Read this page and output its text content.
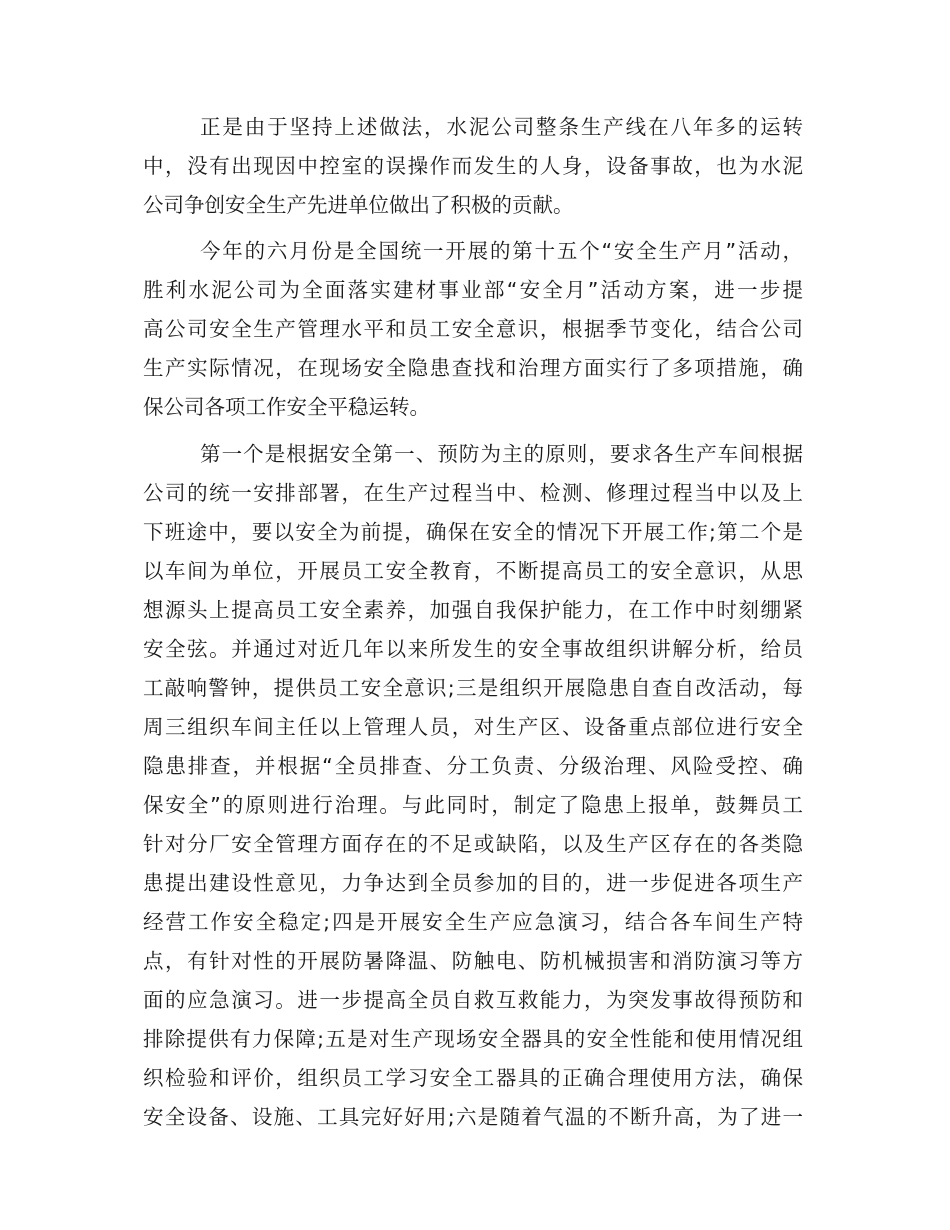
正是由于坚持上述做法，水泥公司整条生产线在八年多的运转
中，没有出现因中控室的误操作而发生的人身，设备事故，也为水泥
公司争创安全生产先进单位做出了积极的贡献。
今年的六月份是全国统一开展的第十五个“安全生产月”活动，
胜利水泥公司为全面落实建材事业部“安全月”活动方案，进一步提
高公司安全生产管理水平和员工安全意识，根据季节变化，结合公司
生产实际情况，在现场安全隐患查找和治理方面实行了多项措施，确
保公司各项工作安全平稳运转。
第一个是根据安全第一、预防为主的原则，要求各生产车间根据
公司的统一安排部署，在生产过程当中、检测、修理过程当中以及上
下班途中，要以安全为前提，确保在安全的情况下开展工作;第二个是
以车间为单位，开展员工安全教育，不断提高员工的安全意识，从思
想源头上提高员工安全素养，加强自我保护能力，在工作中时刻绷紧
安全弦。并通过对近几年以来所发生的安全事故组织讲解分析，给员
工敲响警钟，提供员工安全意识;三是组织开展隐患自查自改活动，每
周三组织车间主任以上管理人员，对生产区、设备重点部位进行安全
隐患排查，并根据“全员排查、分工负责、分级治理、风险受控、确
保安全”的原则进行治理。与此同时，制定了隐患上报单，鼓舞员工
针对分厂安全管理方面存在的不足或缺陷，以及生产区存在的各类隐
患提出建设性意见，力争达到全员参加的目的，进一步促进各项生产
经营工作安全稳定;四是开展安全生产应急演习，结合各车间生产特
点，有针对性的开展防暑降温、防触电、防机械损害和消防演习等方
面的应急演习。进一步提高全员自救互救能力，为突发事故得预防和
排除提供有力保障;五是对生产现场安全器具的安全性能和使用情况组
织检验和评价，组织员工学习安全工器具的正确合理使用方法，确保
安全设备、设施、工具完好好用;六是随着气温的不断升高，为了进一
